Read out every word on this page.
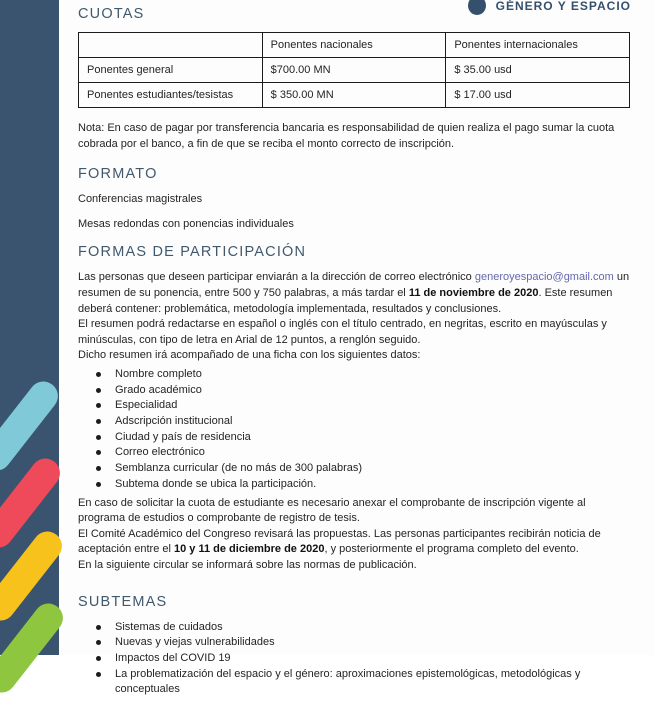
GÉNERO Y ESPACIO
CUOTAS
	Ponentes nacionales	Ponentes internacionales
Ponentes general	$700.00 MN	$ 35.00 usd
Ponentes estudiantes/tesistas	$ 350.00 MN	$ 17.00 usd

Nota: En caso de pagar por transferencia bancaria es responsabilidad de quien realiza el pago sumar la cuota cobrada por el banco, a fin de que se reciba el monto correcto de inscripción.

FORMATO

Conferencias magistrales

Mesas redondas con ponencias individuales

FORMAS DE PARTICIPACIÓN

Las personas que deseen participar enviarán a la dirección de correo electrónico generoyespacio@gmail.com un resumen de su ponencia, entre 500 y 750 palabras, a más tardar el 11 de noviembre de 2020. Este resumen deberá contener: problemática, metodología implementada, resultados y conclusiones.

El resumen podrá redactarse en español o inglés con el título centrado, en negritas, escrito en mayúsculas y minúsculas, con tipo de letra en Arial de 12 puntos, a renglón seguido.

Dicho resumen irá acompañado de una ficha con los siguientes datos:

Nombre completo
Grado académico
Especialidad
Adscripción institucional
Ciudad y país de residencia
Correo electrónico
Semblanza curricular (de no más de 300 palabras)
Subtema donde se ubica la participación.

En caso de solicitar la cuota de estudiante es necesario anexar el comprobante de inscripción vigente al programa de estudios o comprobante de registro de tesis.

El Comité Académico del Congreso revisará las propuestas. Las personas participantes recibirán noticia de aceptación entre el 10 y 11 de diciembre de 2020, y posteriormente el programa completo del evento.

En la siguiente circular se informará sobre las normas de publicación.

SUBTEMAS
Sistemas de cuidados
Nuevas y viejas vulnerabilidades
Impactos del COVID 19
La problematización del espacio y el género: aproximaciones epistemológicas, metodológicas y conceptuales
